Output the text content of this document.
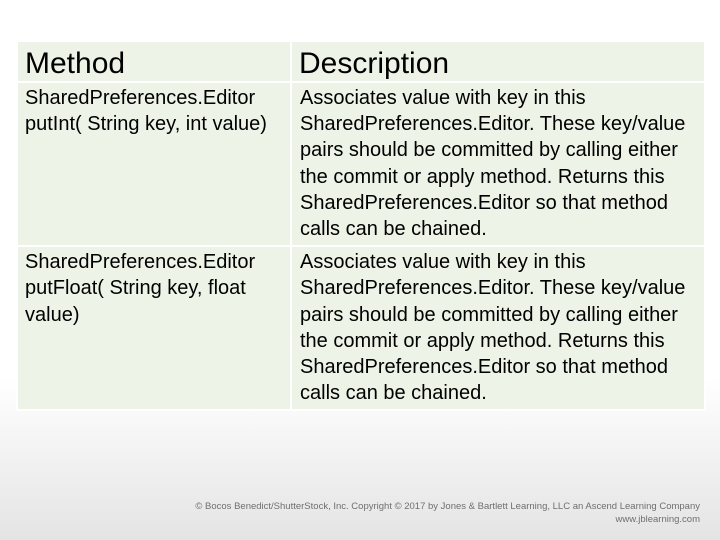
Method	Description
SharedPreferences.Editor putInt( String key, int value)	Associates value with key in this SharedPreferences.Editor. These key/value pairs should be committed by calling either the commit or apply method. Returns this SharedPreferences.Editor so that method calls can be chained.
SharedPreferences.Editor putFloat( String key, float value)	Associates value with key in this SharedPreferences.Editor. These key/value pairs should be committed by calling either the commit or apply method. Returns this SharedPreferences.Editor so that method calls can be chained.
© Bocos Benedict/ShutterStock, Inc. Copyright © 2017 by Jones & Bartlett Learning, LLC an Ascend Learning Company
www.jblearning.com
